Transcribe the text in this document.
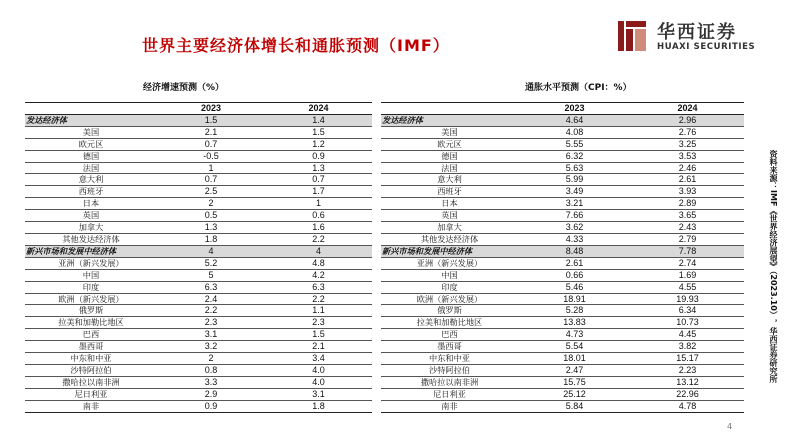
世界主要经济体增长和通胀预测（IMF）
华西证券
HUAXI SECURITIES
经济增速预测（%）
	2023	2024
发达经济体	1.5	1.4
美国	2.1	1.5
欧元区	0.7	1.2
德国	-0.5	0.9
法国	1	1.3
意大利	0.7	0.7
西班牙	2.5	1.7
日本	2	1
英国	0.5	0.6
加拿大	1.3	1.6
其他发达经济体	1.8	2.2
新兴市场和发展中经济体	4	4
亚洲（新兴发展）	5.2	4.8
中国	5	4.2
印度	6.3	6.3
欧洲（新兴发展）	2.4	2.2
俄罗斯	2.2	1.1
拉美和加勒比地区	2.3	2.3
巴西	3.1	1.5
墨西哥	3.2	2.1
中东和中亚	2	3.4
沙特阿拉伯	0.8	4.0
撒哈拉以南非洲	3.3	4.0
尼日利亚	2.9	3.1
南非	0.9	1.8
通胀水平预测（CPI：%）
	2023	2024
发达经济体	4.64	2.96
美国	4.08	2.76
欧元区	5.55	3.25
德国	6.32	3.53
法国	5.63	2.46
意大利	5.99	2.61
西班牙	3.49	3.93
日本	3.21	2.89
英国	7.66	3.65
加拿大	3.62	2.43
其他发达经济体	4.33	2.79
新兴市场和发展中经济体	8.48	7.78
亚洲（新兴发展）	2.61	2.74
中国	0.66	1.69
印度	5.46	4.55
欧洲（新兴发展）	18.91	19.93
俄罗斯	5.28	6.34
拉美和加勒比地区	13.83	10.73
巴西	4.73	4.45
墨西哥	5.54	3.82
中东和中亚	18.01	15.17
沙特阿拉伯	2.47	2.23
撒哈拉以南非洲	15.75	13.12
尼日利亚	25.12	22.96
南非	5.84	4.78
资料来源：IMF《世界经济展望》（2023.10），华西证券研究所
4
